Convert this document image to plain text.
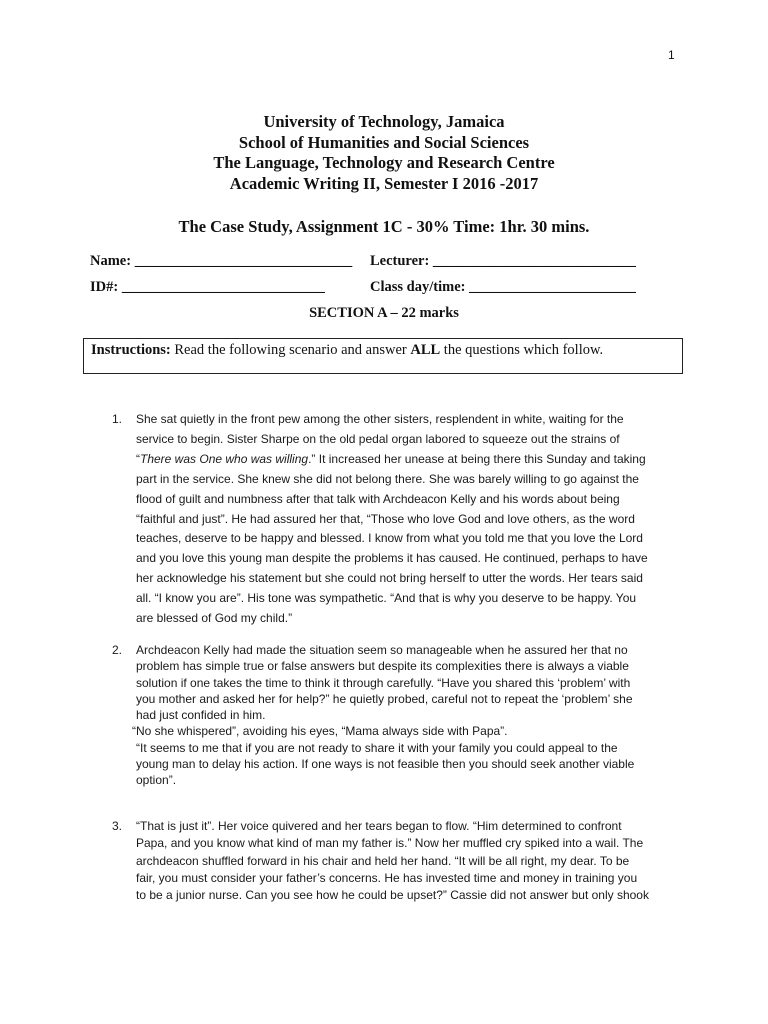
1
University of Technology, Jamaica
School of Humanities and Social Sciences
The Language, Technology and Research Centre
Academic Writing II, Semester I 2016 -2017
The Case Study, Assignment 1C - 30% Time: 1hr. 30 mins.
Name: ______________________________ Lecturer: ____________________________
ID#: ____________________________	Class day/time: _______________________
SECTION A – 22 marks
Instructions: Read the following scenario and answer ALL the questions which follow.
1. She sat quietly in the front pew among the other sisters, resplendent in white, waiting for the
service to begin. Sister Sharpe on the old pedal organ labored to squeeze out the strains of
“There was One who was willing.” It increased her unease at being there this Sunday and taking
part in the service. She knew she did not belong there. She was barely willing to go against the
flood of guilt and numbness after that talk with Archdeacon Kelly and his words about being
“faithful and just”. He had assured her that, “Those who love God and love others, as the word
teaches, deserve to be happy and blessed. I know from what you told me that you love the Lord
and you love this young man despite the problems it has caused. He continued, perhaps to have
her acknowledge his statement but she could not bring herself to utter the words. Her tears said
all. “I know you are”. His tone was sympathetic. “And that is why you deserve to be happy. You
are blessed of God my child.”
2. Archdeacon Kelly had made the situation seem so manageable when he assured her that no
problem has simple true or false answers but despite its complexities there is always a viable
solution if one takes the time to think it through carefully. “Have you shared this ‘problem’ with
you mother and asked her for help?” he quietly probed, careful not to repeat the ‘problem’ she
had just confided in him.
“No she whispered”, avoiding his eyes, “Mama always side with Papa”.
“It seems to me that if you are not ready to share it with your family you could appeal to the
young man to delay his action. If one ways is not feasible then you should seek another viable
option”.
3. “That is just it”. Her voice quivered and her tears began to flow. “Him determined to confront
Papa, and you know what kind of man my father is.” Now her muffled cry spiked into a wail. The
archdeacon shuffled forward in his chair and held her hand. “It will be all right, my dear. To be
fair, you must consider your father’s concerns. He has invested time and money in training you
to be a junior nurse. Can you see how he could be upset?” Cassie did not answer but only shook
